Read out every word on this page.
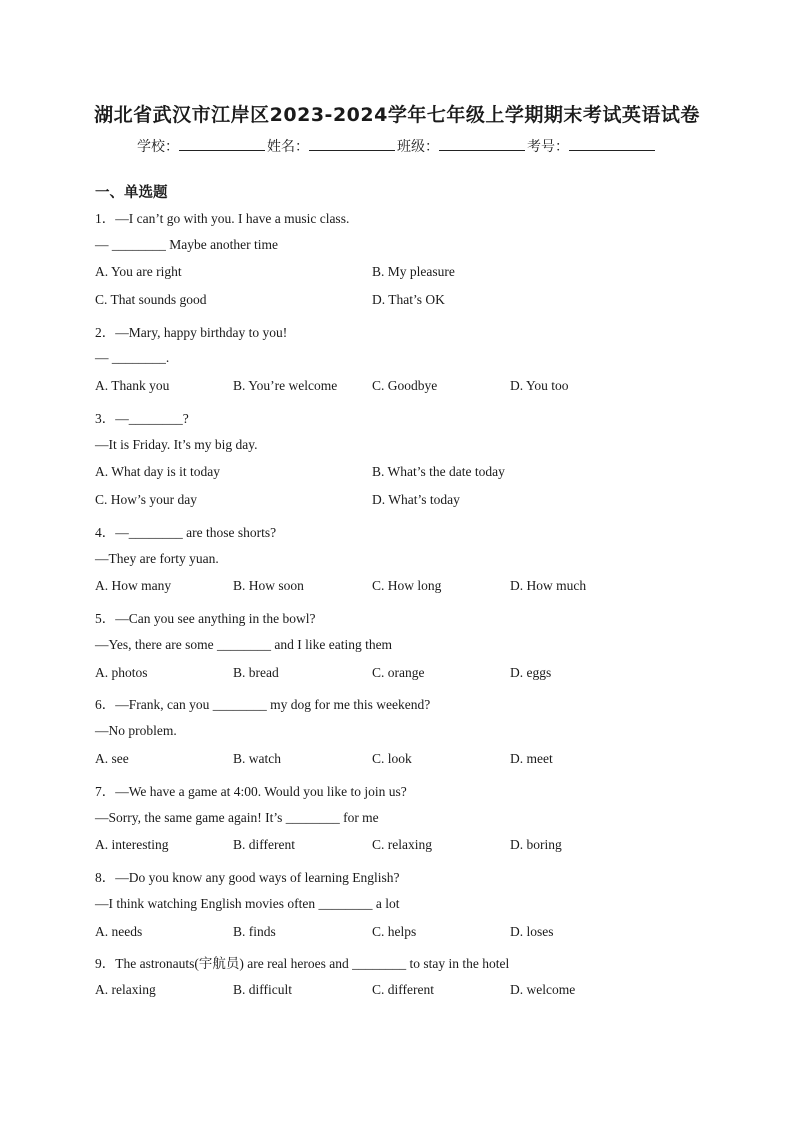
湖北省武汉市江岸区2023-2024学年七年级上学期期末考试英语试卷
学校：	姓名：	班级：	考号：
一、单选题
1．—I can’t go with you. I have a music class.
— ________ Maybe another time
A. You are right	B. My pleasure
C. That sounds good	D. That’s OK
2．—Mary, happy birthday to you!
— ________.
A. Thank you	B. You’re welcome	C. Goodbye	D. You too
3．—________?
—It is Friday. It’s my big day.
A. What day is it today	B. What’s the date today
C. How’s your day	D. What’s today
4．—________ are those shorts?
—They are forty yuan.
A. How many	B. How soon	C. How long	D. How much
5．—Can you see anything in the bowl?
—Yes, there are some ________ and I like eating them
A. photos	B. bread	C. orange	D. eggs
6．—Frank, can you ________ my dog for me this weekend?
—No problem.
A. see	B. watch	C. look	D. meet
7．—We have a game at 4:00. Would you like to join us?
—Sorry, the same game again! It’s ________ for me
A. interesting	B. different	C. relaxing	D. boring
8．—Do you know any good ways of learning English?
—I think watching English movies often ________ a lot
A. needs	B. finds	C. helps	D. loses
9．The astronauts(宇航员) are real heroes and ________ to stay in the hotel
A. relaxing	B. difficult	C. different	D. welcome
